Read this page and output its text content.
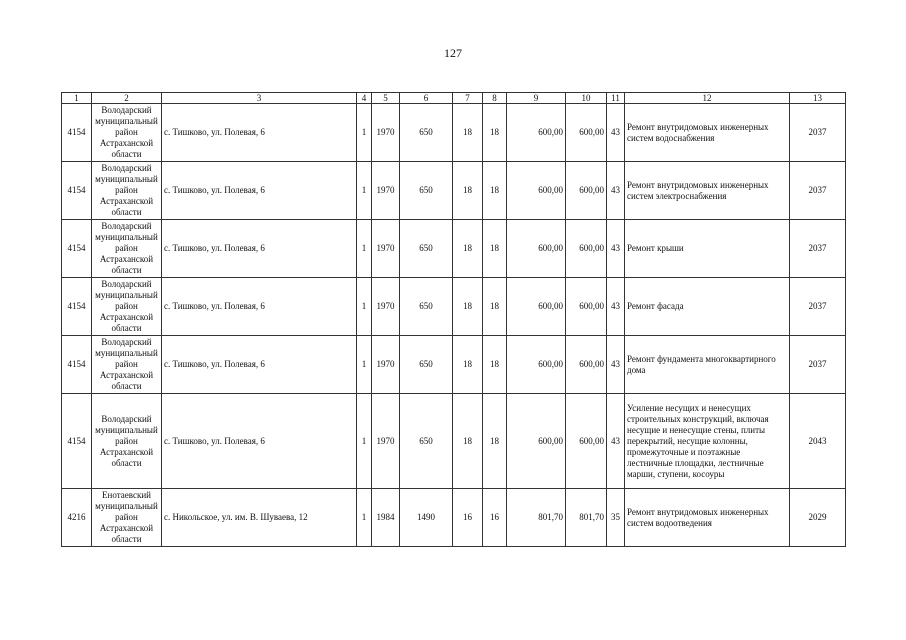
127
1	2	3	4	5	6	7	8	9	10	11	12	13
4154	Володарский муниципальный район Астраханской области	с. Тишково, ул. Полевая, 6	1	1970	650	18	18	600,00	600,00	43	Ремонт внутридомовых инженерных систем водоснабжения	2037
4154	Володарский муниципальный район Астраханской области	с. Тишково, ул. Полевая, 6	1	1970	650	18	18	600,00	600,00	43	Ремонт внутридомовых инженерных систем электроснабжения	2037
4154	Володарский муниципальный район Астраханской области	с. Тишково, ул. Полевая, 6	1	1970	650	18	18	600,00	600,00	43	Ремонт крыши	2037
4154	Володарский муниципальный район Астраханской области	с. Тишково, ул. Полевая, 6	1	1970	650	18	18	600,00	600,00	43	Ремонт фасада	2037
4154	Володарский муниципальный район Астраханской области	с. Тишково, ул. Полевая, 6	1	1970	650	18	18	600,00	600,00	43	Ремонт фундамента многоквартирного дома	2037
4154	Володарский муниципальный район Астраханской области	с. Тишково, ул. Полевая, 6	1	1970	650	18	18	600,00	600,00	43	Усиление несущих и ненесущих строительных конструкций, включая несущие и ненесущие стены, плиты перекрытий, несущие колонны, промежуточные и поэтажные лестничные площадки, лестничные марши, ступени, косоуры	2043
4216	Енотаевский муниципальный район Астраханской области	с. Никольское, ул. им. В. Шуваева, 12	1	1984	1490	16	16	801,70	801,70	35	Ремонт внутридомовых инженерных систем водоотведения	2029
